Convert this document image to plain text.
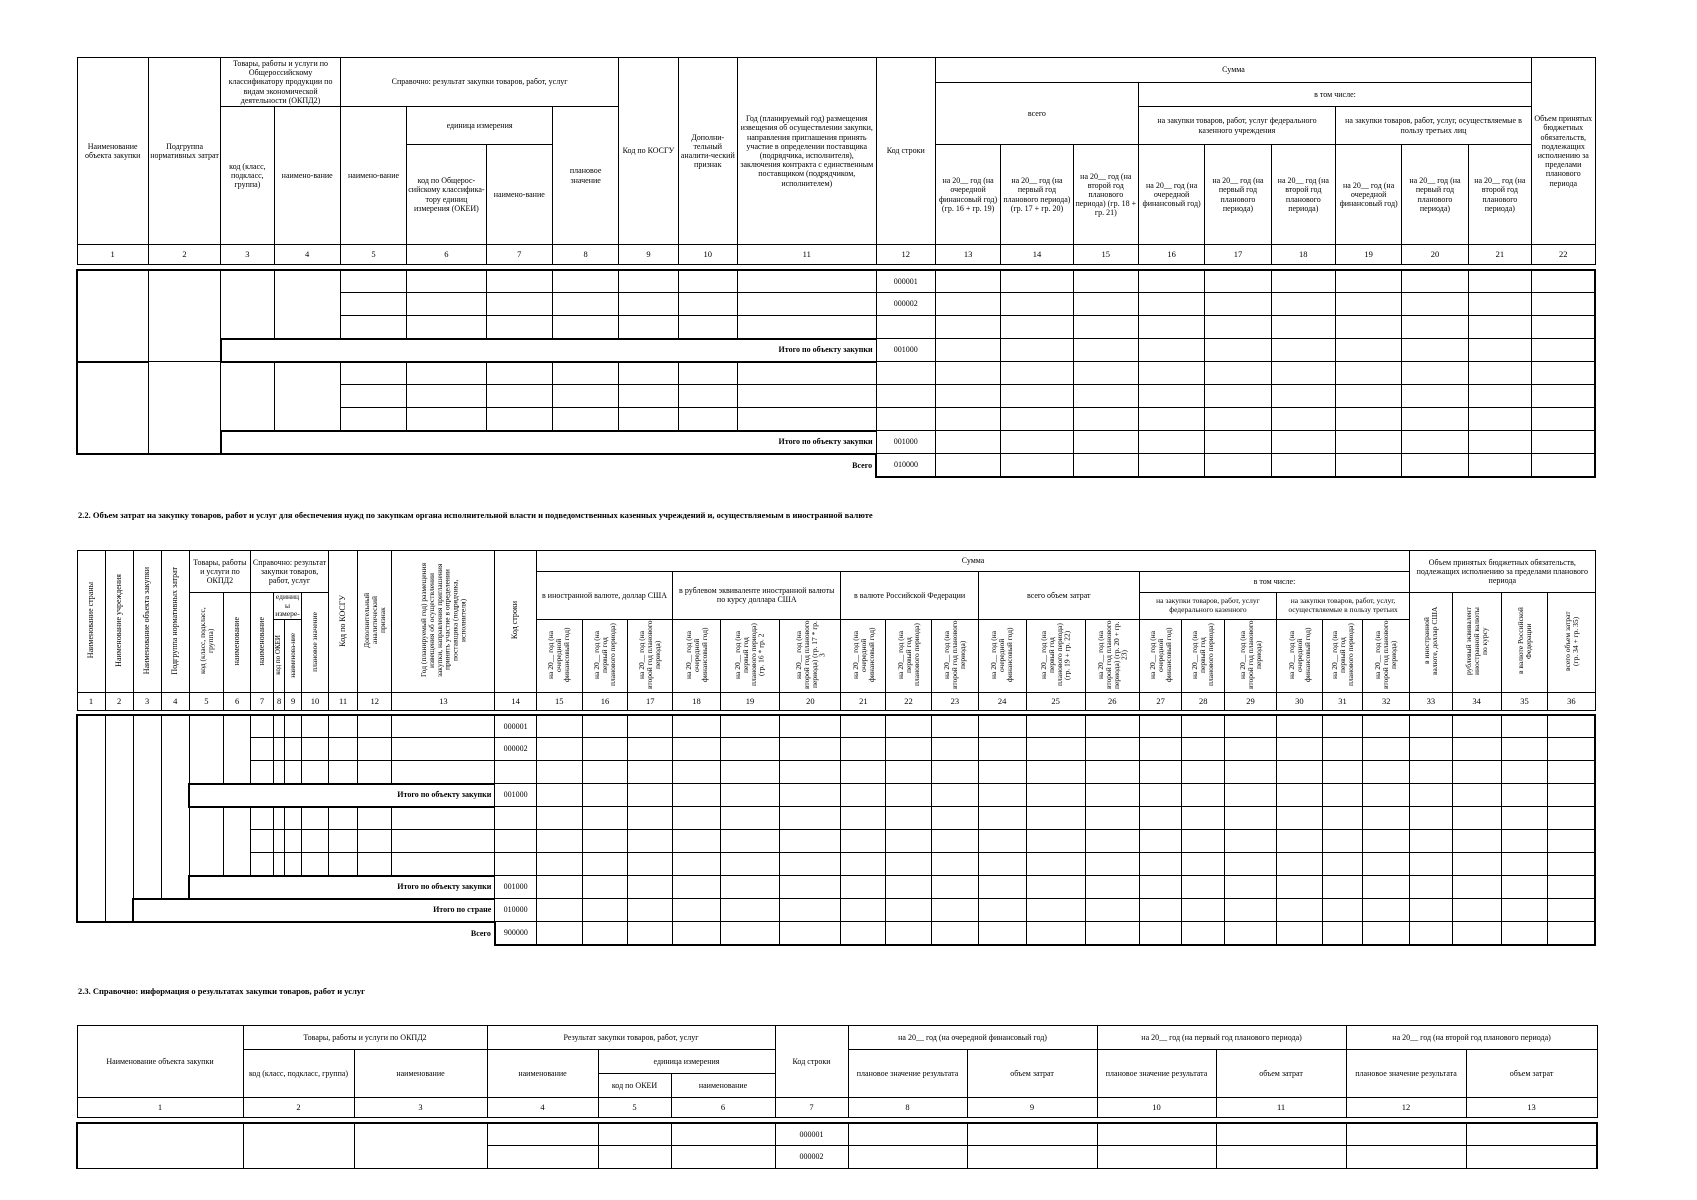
Наименование объекта закупки	Подгруппа нормативных затрат	Товары, работы и услуги по Общероссийскому классификатору продукции по видам экономической деятельности (ОКПД2)		Справочно: результат закупки товаров, работ, услуг				Код по КОСГУ	Дополни-тельный аналити-ческий признак	Год (планируемый год) размещения извещения об осуществлении закупки, направления приглашения принять участие в определении поставщика (подрядчика, исполнителя), заключения контракта с единственным поставщиком (подрядчиком, исполнителем)	Код строки	Сумма									Объем принятых бюджетных обязательств, подлежащих исполнению за пределами планового периода
												всего			в том числе:						
		код (класс, подкласс, группа)	наимено-вание	наимено-вание	единица измерения		плановое значение								на закупки товаров, работ, услуг федерального казенного учреждения			на закупки товаров, работ, услуг, осуществляемые в пользу третьих лиц			
					код по Общерос-сийскому классифика-тору единиц измерения (ОКЕИ)	наимено-вание						на 20__ год (на очередной финансовый год) (гр. 16 + гр. 19)	на 20__ год (на первый год планового периода) (гр. 17 + гр. 20)	на 20__ год (на второй год планового периода) (гр. 18 + гр. 21)	на 20__ год (на очередной финансовый год)	на 20__ год (на первый год планового периода)	на 20__ год (на второй год планового периода)	на 20__ год (на очередной финансовый год)	на 20__ год (на первый год планового периода)	на 20__ год (на второй год планового периода)	
1	2	3	4	5	6	7	8	9	10	11	12	13	14	15	16	17	18	19	20	21	22

											000001										
											000002										

		Итого по объекту закупки									001000										

		Итого по объекту закупки									001000										
Всего											010000										
2.2. Объем затрат на закупку товаров, работ и услуг для обеспечения нужд по закупкам органа исполнительной власти и подведомственных казенных учреждений и, осуществляемым в иностранной валюте
Наименование страны	Наименование учреждения	Наименование объекта закупки	Подгруппа нормативных затрат	Товары, работы и услуги по ОКПД2		Справочно: результат закупки товаров, работ, услуг				Код по КОСГУ	Дополнительный аналитический признак	Год (планируемый год) размещения извещения об осуществлении закупки, направления приглашения принять участие в определении поставщика (подрядчика, исполнителя)	Код строки	Сумма																		Объем принятых бюджетных обязательств, подлежащих исполнению за пределами планового периода			
														в иностранной валюте, доллар США			в рублевом эквиваленте иностранной валюты по курсу доллара США			в валюте Российской Федерации			всего объем затрат			в том числе:									
				код (класс, подкласс, группа)	наименование	наименование	единицы измере-		плановое значение																	на закупки товаров, работ, услуг федерального казенного			на закупки товаров, работ, услуг, осуществляемые в пользу третьих			в иностранной валюте, доллар США	рублевый эквивалент иностранной валюты по курсу	в валюте Российской Федерации	всего объем затрат (гр. 34 + гр. 35)
							код по ОКЕИ	наименова-ние						на 20__ год (на очередной финансовый год)	на 20__ год (на первый год планового периода)	на 20__ год (на второй год планового периода)	на 20__ год (на очередной финансовый год)	на 20__ год (на первый год планового периода) (гр. 16 * гр. 2	на 20__ год (на второй год планового периода) (гр. 17 * гр. 3	на 20__ год (на очередной финансовый год)	на 20__ год (на первый год планового периода)	на 20__ год (на второй год планового периода)	на 20__ год (на очередной финансовый год)	на 20__ год (на первый год планового периода) (гр. 19 + гр. 22)	на 20__ год (на второй год планового периода) (гр. 20 + гр. 23)	на 20__ год (на очередной финансовый год)	на 20__ год (на первый год планового периода)	на 20__ год (на второй год планового периода)	на 20__ год (на очередной финансовый год)	на 20__ год (на первый год планового периода)	на 20__ год (на второй год планового периода)				
1	2	3	4	5	6	7	8	9	10	11	12	13	14	15	16	17	18	19	20	21	22	23	24	25	26	27	28	29	30	31	32	33	34	35	36

													000001																						
													000002																						

				Итого по объекту закупки									001000																						

				Итого по объекту закупки									001000																						
		Итого по стране											010000																						
Всего													900000																						
2.3. Справочно: информация о результатах закупки товаров, работ и услуг
Наименование объекта закупки	Товары, работы и услуги по ОКПД2		Результат закупки товаров, работ, услуг			Код строки	на 20__ год (на очередной финансовый год)		на 20__ год (на первый год планового периода)		на 20__ год (на второй год планового периода)	
	код (класс, подкласс, группа)	наименование	наименование	единица измерения			плановое значение результата	объем затрат	плановое значение результата	объем затрат	плановое значение результата	объем затрат
				код по ОКЕИ	наименование							
1	2	3	4	5	6	7	8	9	10	11	12	13

						000001						
						000002						
